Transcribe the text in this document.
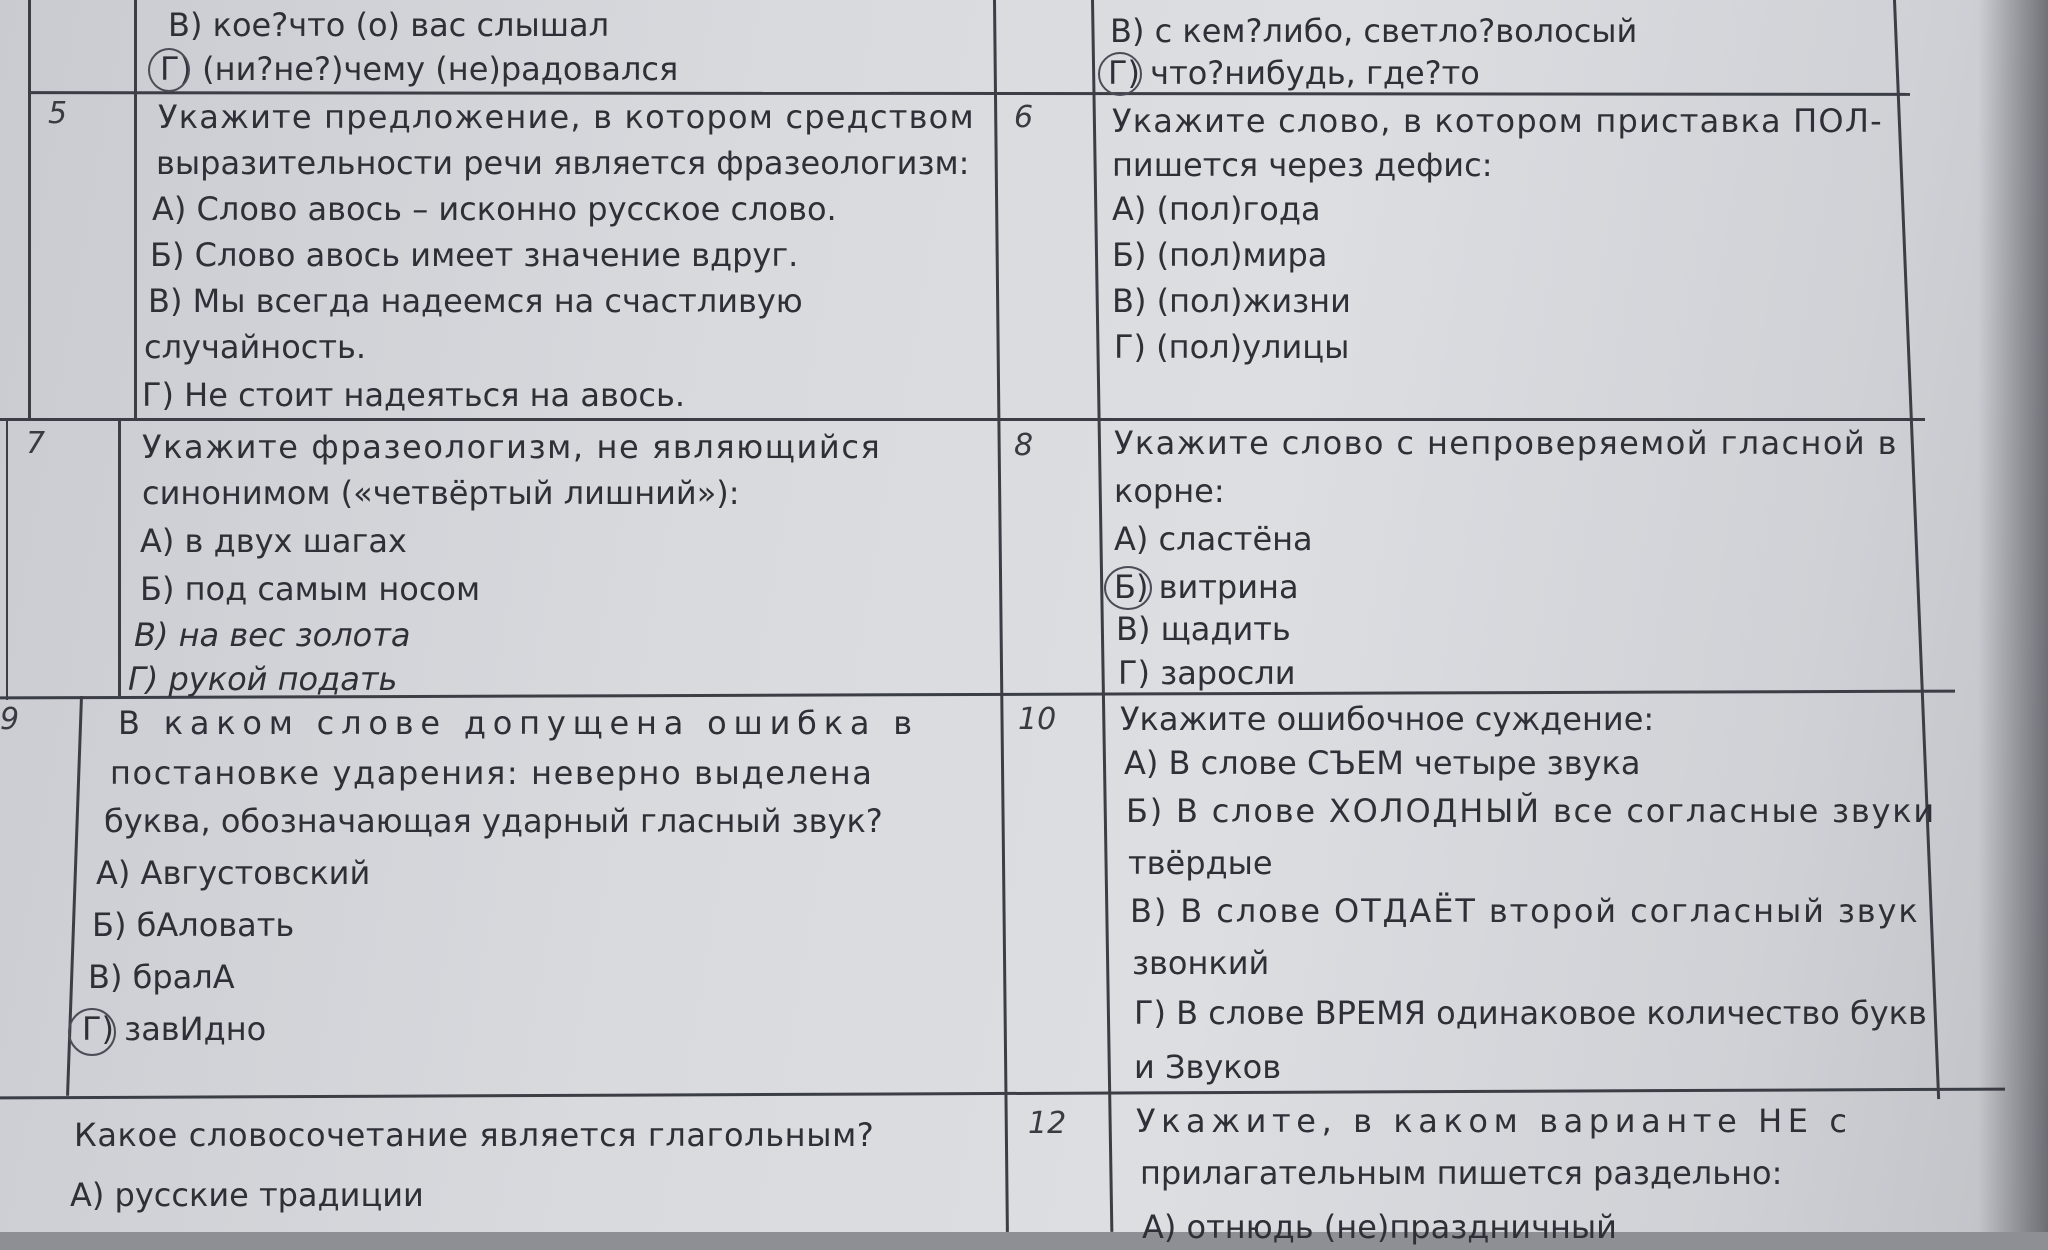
В) кое?что (о) вас слышал
Г) (ни?не?)чему (не)радовался
В) с кем?либо, светло?волосый
Г) что?нибудь, где?то
5	Укажите предложение, в котором средством
выразительности речи является фразеологизм:
А) Слово авось – исконно русское слово.
Б) Слово авось имеет значение вдруг.
В) Мы всегда надеемся на счастливую
случайность.
Г) Не стоит надеяться на авось.
6 Укажите слово, в котором приставка ПОЛ-
пишется через дефис:
А) (пол)года
Б) (пол)мира
В) (пол)жизни
Г) (пол)улицы
7	Укажите фразеологизм, не являющийся
синонимом («четвёртый лишний»):
А) в двух шагах
Б) под самым носом
В) на вес золота
Г) рукой подать
8	Укажите слово с непроверяемой гласной в
корне:
А) сластёна
Б) витрина
В) щадить
Г) заросли
9	В каком слове допущена ошибка в
постановке ударения: неверно выделена
буква, обозначающая ударный гласный звук?
А) Августовский
Б) бАловать
В) бралА
Г) завИдно
10 Укажите ошибочное суждение:
А) В слове СЪЕМ четыре звука
Б) В слове ХОЛОДНЫЙ все согласные звуки
твёрдые
В) В слове ОТДАЁТ второй согласный звук
звонкий
Г) В слове ВРЕМЯ одинаковое количество букв
и Звуков
Какое словосочетание является глагольным?
А) русские традиции
12 Укажите, в каком варианте НЕ с
прилагательным пишется раздельно:
А) отнюдь (не)праздничный
